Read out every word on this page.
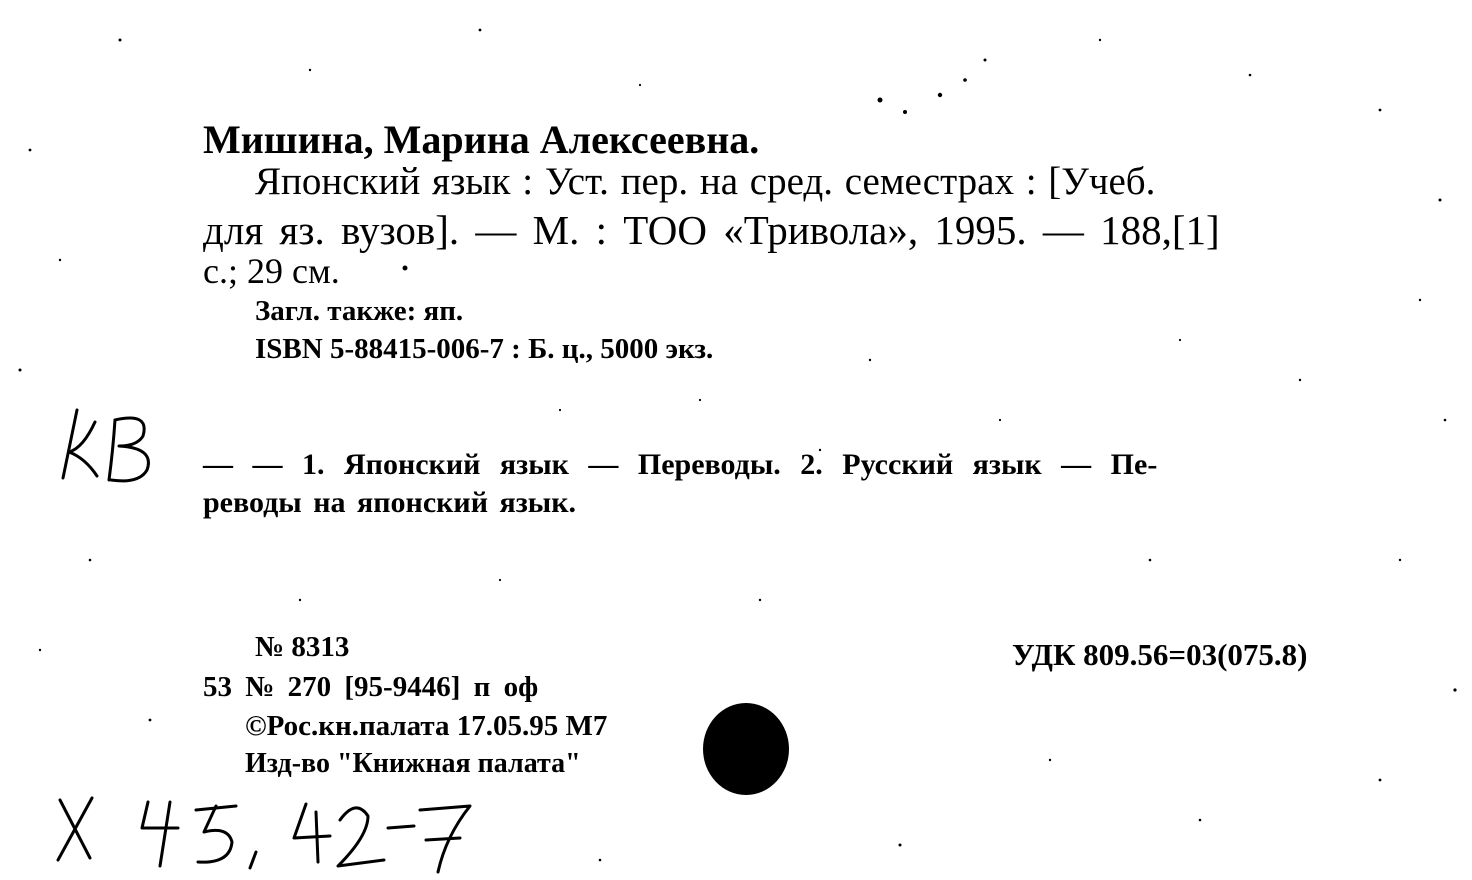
Мишина, Марина Алексеевна.
Японский язык : Уст. пер. на сред. семестрах : [Учеб.
для яз. вузов]. — М. : ТОО «Тривола», 1995. — 188,[1]
с.; 29 см.
Загл. также: яп.
ISBN 5-88415-006-7 : Б. ц., 5000 экз.
— — 1. Японский язык — Переводы. 2. Русский язык — Пе-
реводы на японский язык.
№ 8313	УДК 809.56=03(075.8)
53 № 270 [95-9446] п оф
©Рос.кн.палата 17.05.95 М7
Изд-во "Книжная палата"
